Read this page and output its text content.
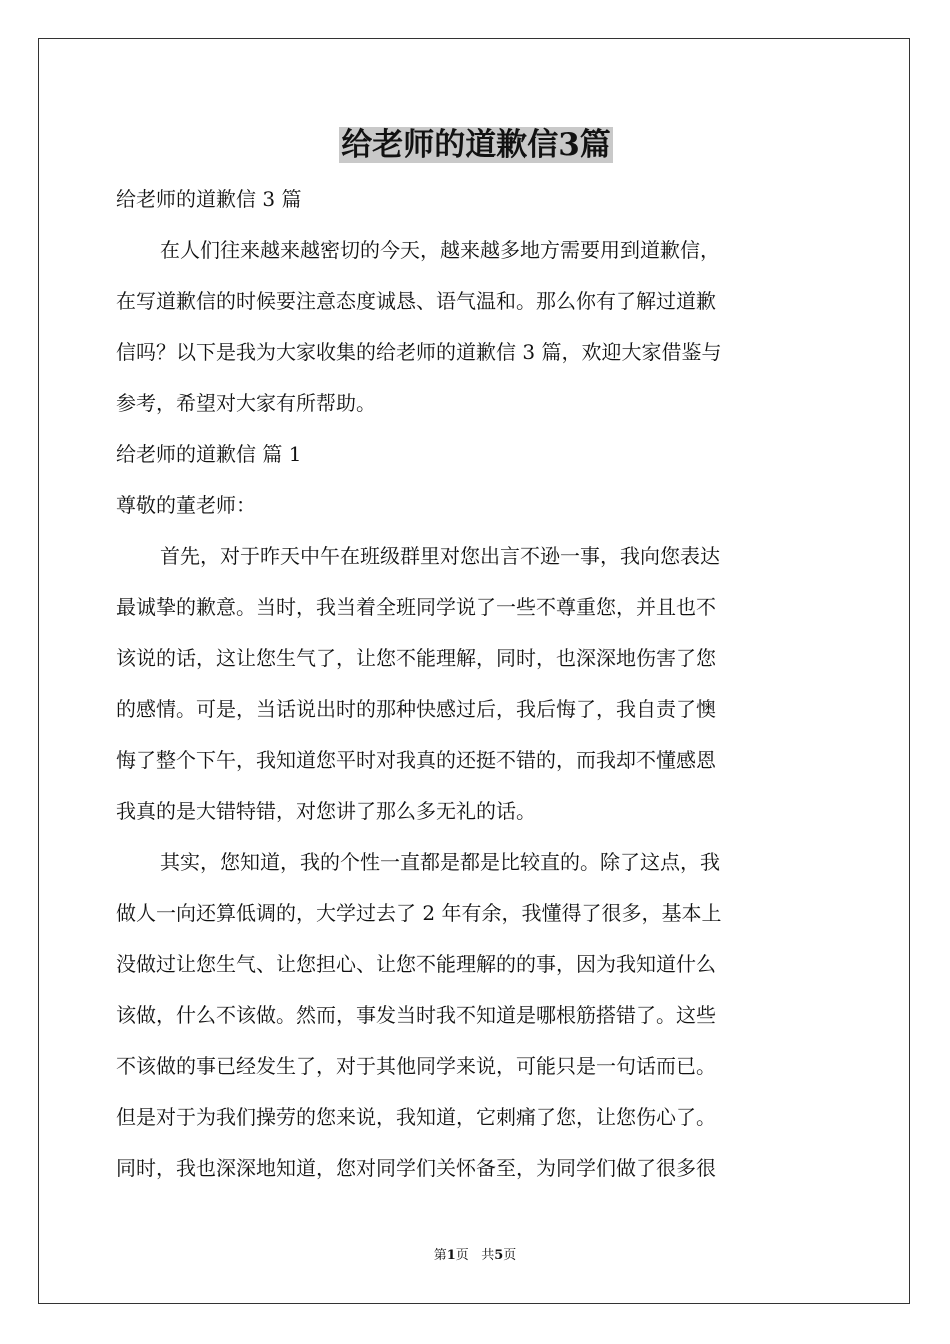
给老师的道歉信3篇

给老师的道歉信 3 篇

在人们往来越来越密切的今天，越来越多地方需要用到道歉信，

在写道歉信的时候要注意态度诚恳、语气温和。那么你有了解过道歉

信吗？以下是我为大家收集的给老师的道歉信 3 篇，欢迎大家借鉴与

参考，希望对大家有所帮助。

给老师的道歉信 篇 1

尊敬的董老师：

首先，对于昨天中午在班级群里对您出言不逊一事，我向您表达

最诚挚的歉意。当时，我当着全班同学说了一些不尊重您，并且也不

该说的话，这让您生气了，让您不能理解，同时，也深深地伤害了您

的感情。可是，当话说出时的那种快感过后，我后悔了，我自责了懊

悔了整个下午，我知道您平时对我真的还挺不错的，而我却不懂感恩

我真的是大错特错，对您讲了那么多无礼的话。

其实，您知道，我的个性一直都是都是比较直的。除了这点，我

做人一向还算低调的，大学过去了 2 年有余，我懂得了很多，基本上

没做过让您生气、让您担心、让您不能理解的的事，因为我知道什么

该做，什么不该做。然而，事发当时我不知道是哪根筋搭错了。这些

不该做的事已经发生了，对于其他同学来说，可能只是一句话而已。

但是对于为我们操劳的您来说，我知道，它刺痛了您，让您伤心了。

同时，我也深深地知道，您对同学们关怀备至，为同学们做了很多很

第1页 共5页
